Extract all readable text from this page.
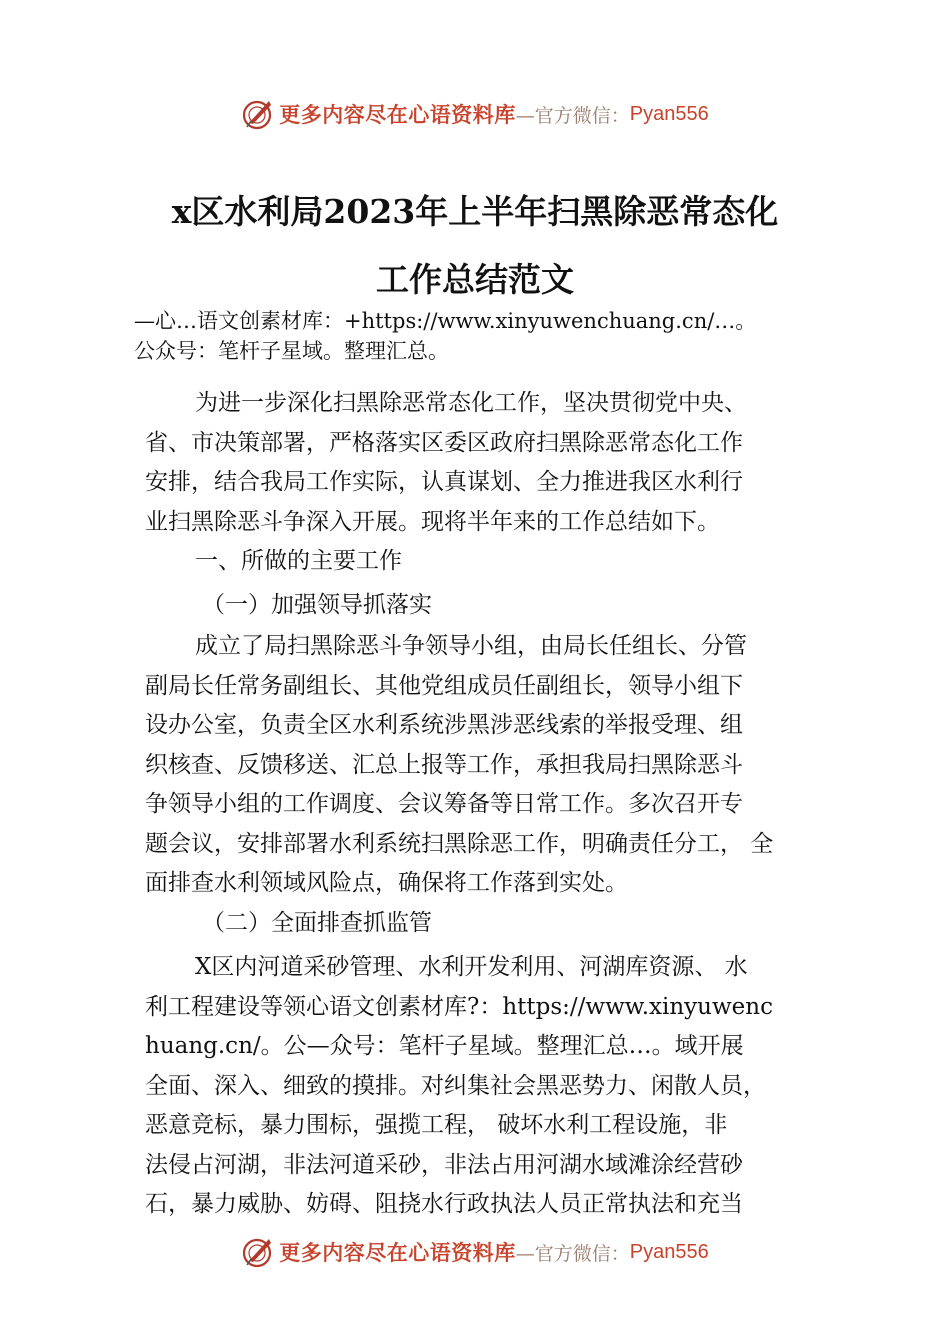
更多内容尽在心语资料库 —官方微信： Pyan556
x区水利局2023年上半年扫黑除恶常态化
工作总结范文
—心…语文创素材库：+https://www.xinyuwenchuang.cn/…。
公众号：笔杆子星域。整理汇总。
为进一步深化扫黑除恶常态化工作，坚决贯彻党中央、
省、市决策部署，严格落实区委区政府扫黑除恶常态化工作
安排，结合我局工作实际，认真谋划、全力推进我区水利行
业扫黑除恶斗争深入开展。现将半年来的工作总结如下。
一、所做的主要工作
（一）加强领导抓落实
成立了局扫黑除恶斗争领导小组，由局长任组长、分管
副局长任常务副组长、其他党组成员任副组长，领导小组下
设办公室，负责全区水利系统涉黑涉恶线索的举报受理、组
织核查、反馈移送、汇总上报等工作，承担我局扫黑除恶斗
争领导小组的工作调度、会议筹备等日常工作。多次召开专
题会议，安排部署水利系统扫黑除恶工作，明确责任分工， 全
面排查水利领域风险点，确保将工作落到实处。
（二）全面排查抓监管
X区内河道采砂管理、水利开发利用、河湖库资源、 水
利工程建设等领心语文创素材库?：https://www.xinyuwenc
huang.cn/。公—众号：笔杆子星域。整理汇总…。域开展
全面、深入、细致的摸排。对纠集社会黑恶势力、闲散人员，
恶意竞标，暴力围标，强揽工程， 破坏水利工程设施，非
法侵占河湖，非法河道采砂，非法占用河湖水域滩涂经营砂
石，暴力威胁、妨碍、阻挠水行政执法人员正常执法和充当
更多内容尽在心语资料库 —官方微信： Pyan556
